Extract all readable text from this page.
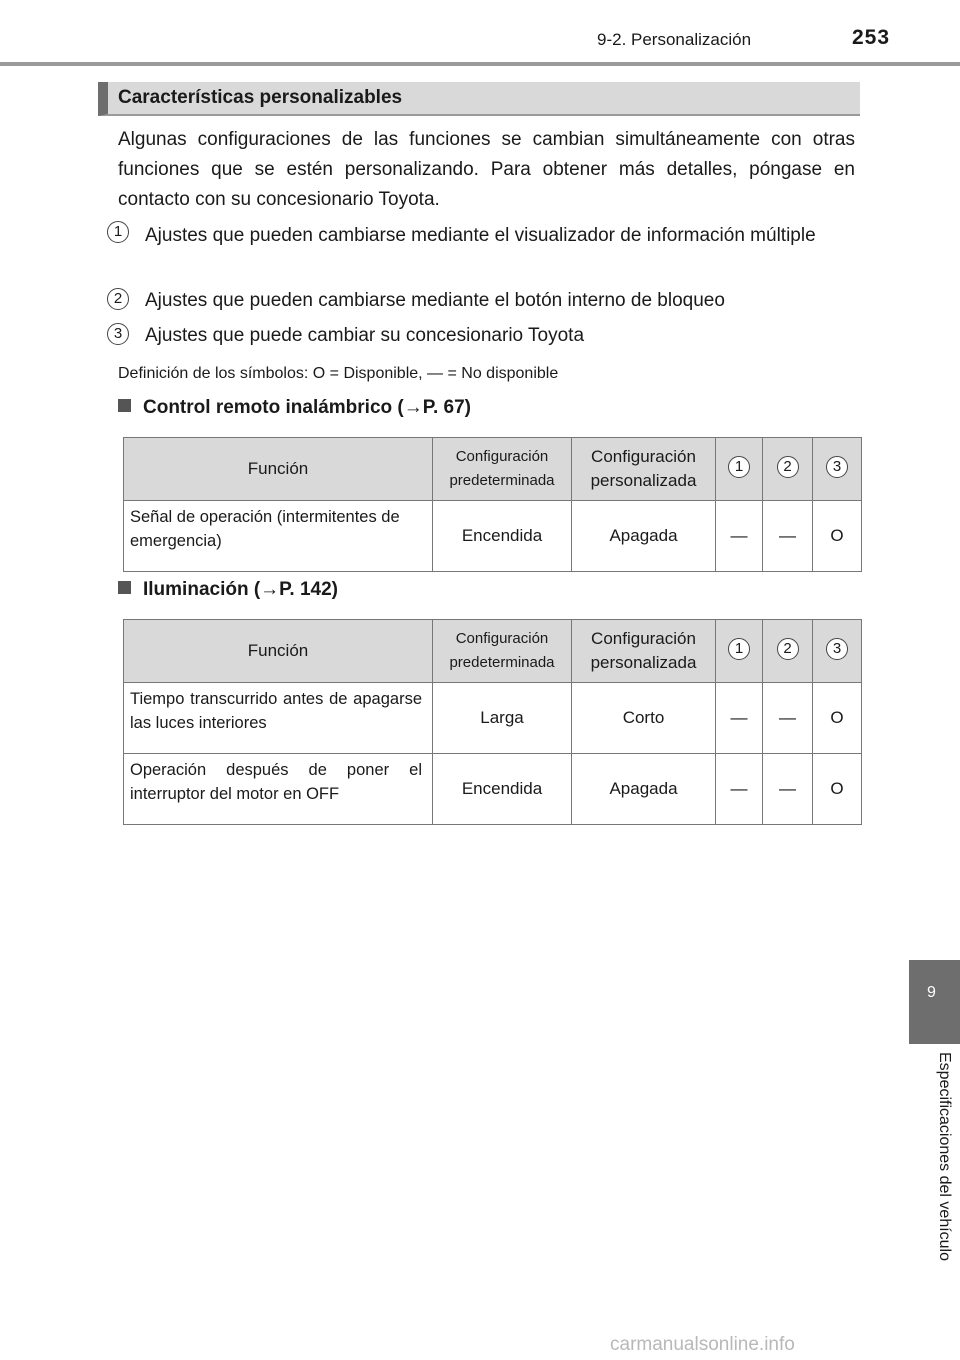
9-2. Personalización	253
Características personalizables
Algunas configuraciones de las funciones se cambian simultáneamente con otras funciones que se estén personalizando. Para obtener más detalles, póngase en contacto con su concesionario Toyota.
1	Ajustes que pueden cambiarse mediante el visualizador de información múltiple
2	Ajustes que pueden cambiarse mediante el botón interno de bloqueo
3	Ajustes que puede cambiar su concesionario Toyota
Definición de los símbolos: O = Disponible, — = No disponible
Control remoto inalámbrico (→P. 67)
Función	Configuración predeterminada	Configuración personalizada	1	2	3

Señal de operación (intermitentes de emergencia)	Encendida	Apagada	—	—	O
Iluminación (→P. 142)
Función	Configuración predeterminada	Configuración personalizada	1	2	3

Tiempo transcurrido antes de apagarse las luces interiores	Larga	Corto	—	—	O
Operación después de poner el interruptor del motor en OFF	Encendida	Apagada	—	—	O
9
Especificaciones del vehículo
carmanualsonline.info
